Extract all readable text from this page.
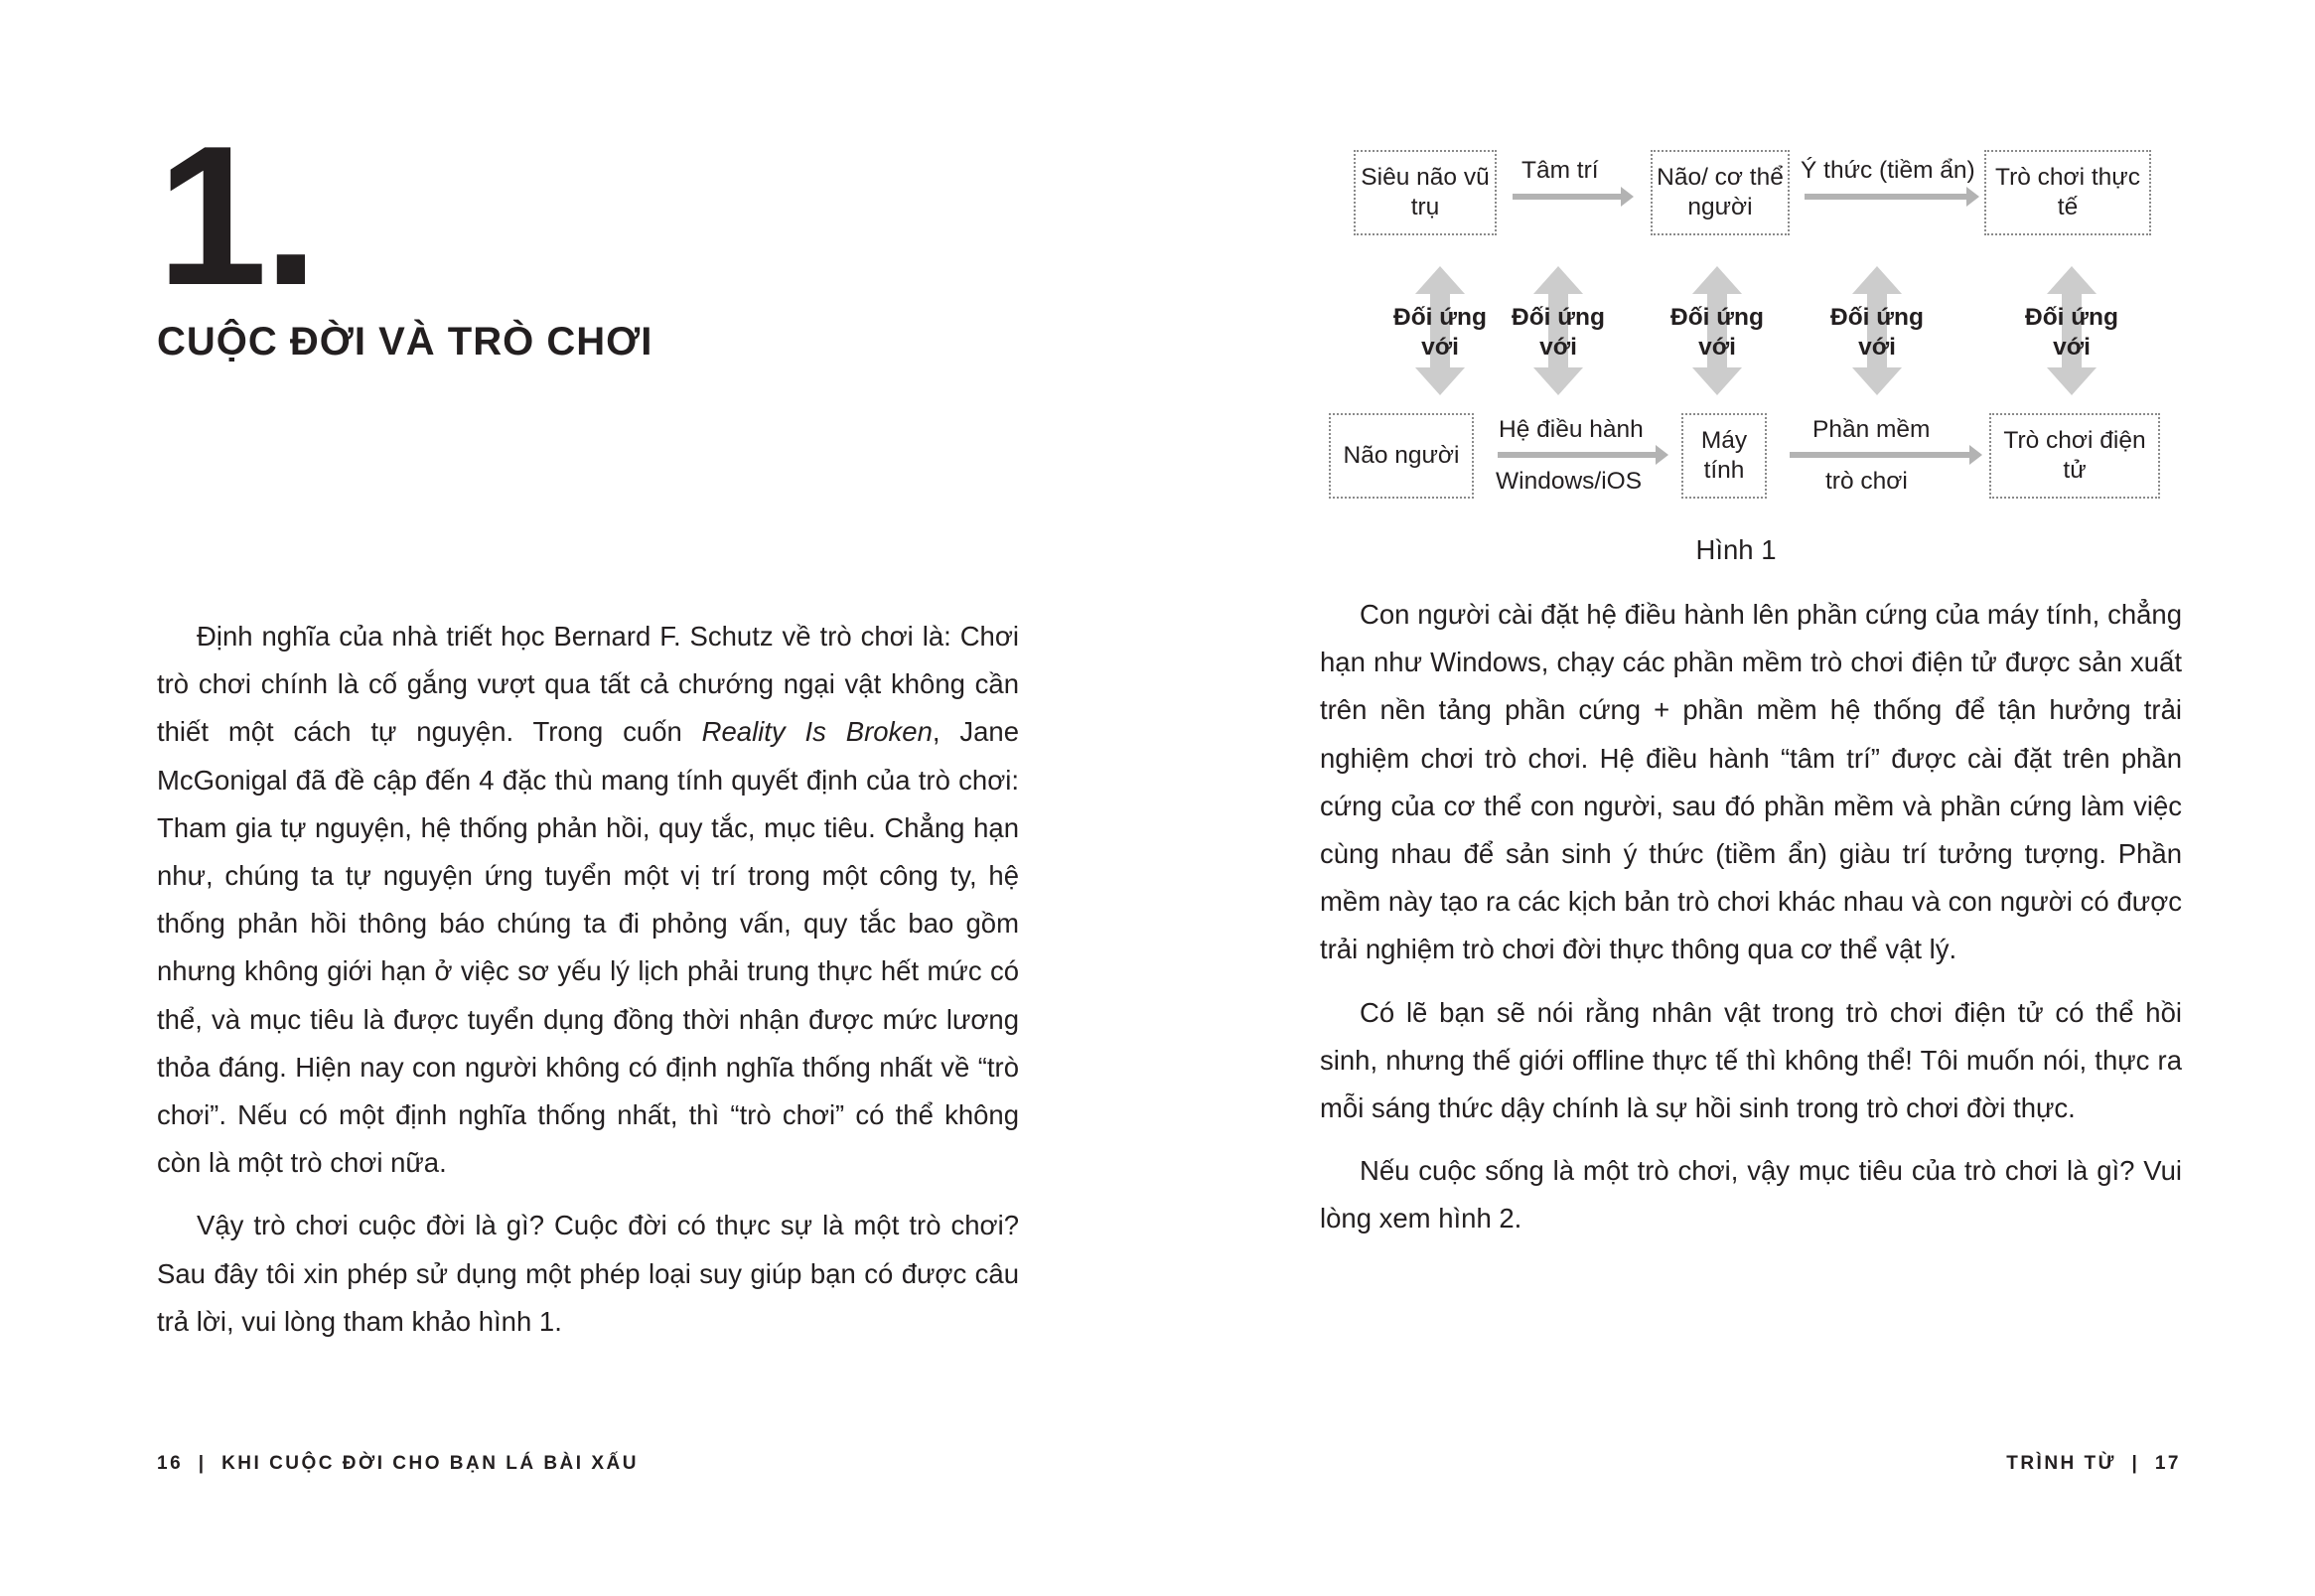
1.
CUỘC ĐỜI VÀ TRÒ CHƠI

Định nghĩa của nhà triết học Bernard F. Schutz về trò chơi là: Chơi trò chơi chính là cố gắng vượt qua tất cả chướng ngại vật không cần thiết một cách tự nguyện. Trong cuốn Reality Is Broken, Jane McGonigal đã đề cập đến 4 đặc thù mang tính quyết định của trò chơi: Tham gia tự nguyện, hệ thống phản hồi, quy tắc, mục tiêu. Chẳng hạn như, chúng ta tự nguyện ứng tuyển một vị trí trong một công ty, hệ thống phản hồi thông báo chúng ta đi phỏng vấn, quy tắc bao gồm nhưng không giới hạn ở việc sơ yếu lý lịch phải trung thực hết mức có thể, và mục tiêu là được tuyển dụng đồng thời nhận được mức lương thỏa đáng. Hiện nay con người không có định nghĩa thống nhất về “trò chơi”. Nếu có một định nghĩa thống nhất, thì “trò chơi” có thể không còn là một trò chơi nữa.

Vậy trò chơi cuộc đời là gì? Cuộc đời có thực sự là một trò chơi? Sau đây tôi xin phép sử dụng một phép loại suy giúp bạn có được câu trả lời, vui lòng tham khảo hình 1.

16  |  KHI CUỘC ĐỜI CHO BẠN LÁ BÀI XẤU
Siêu não vũ trụ
Não/ cơ thể người
Trò chơi thực tế
Tâm trí	Ý thức (tiềm ẩn)
Đối ứng
với
Đối ứng
với
Đối ứng
với
Đối ứng
với
Đối ứng
với
Não người
Máy tính
Trò chơi điện tử
Hệ điều hành
Windows/iOS
Phần mềm
trò chơi

Hình 1

Con người cài đặt hệ điều hành lên phần cứng của máy tính, chẳng hạn như Windows, chạy các phần mềm trò chơi điện tử được sản xuất trên nền tảng phần cứng + phần mềm hệ thống để tận hưởng trải nghiệm chơi trò chơi. Hệ điều hành “tâm trí” được cài đặt trên phần cứng của cơ thể con người, sau đó phần mềm và phần cứng làm việc cùng nhau để sản sinh ý thức (tiềm ẩn) giàu trí tưởng tượng. Phần mềm này tạo ra các kịch bản trò chơi khác nhau và con người có được trải nghiệm trò chơi đời thực thông qua cơ thể vật lý.

Có lẽ bạn sẽ nói rằng nhân vật trong trò chơi điện tử có thể hồi sinh, nhưng thế giới offline thực tế thì không thể! Tôi muốn nói, thực ra mỗi sáng thức dậy chính là sự hồi sinh trong trò chơi đời thực.

Nếu cuộc sống là một trò chơi, vậy mục tiêu của trò chơi là gì? Vui lòng xem hình 2.

TRÌNH TỪ  |  17
